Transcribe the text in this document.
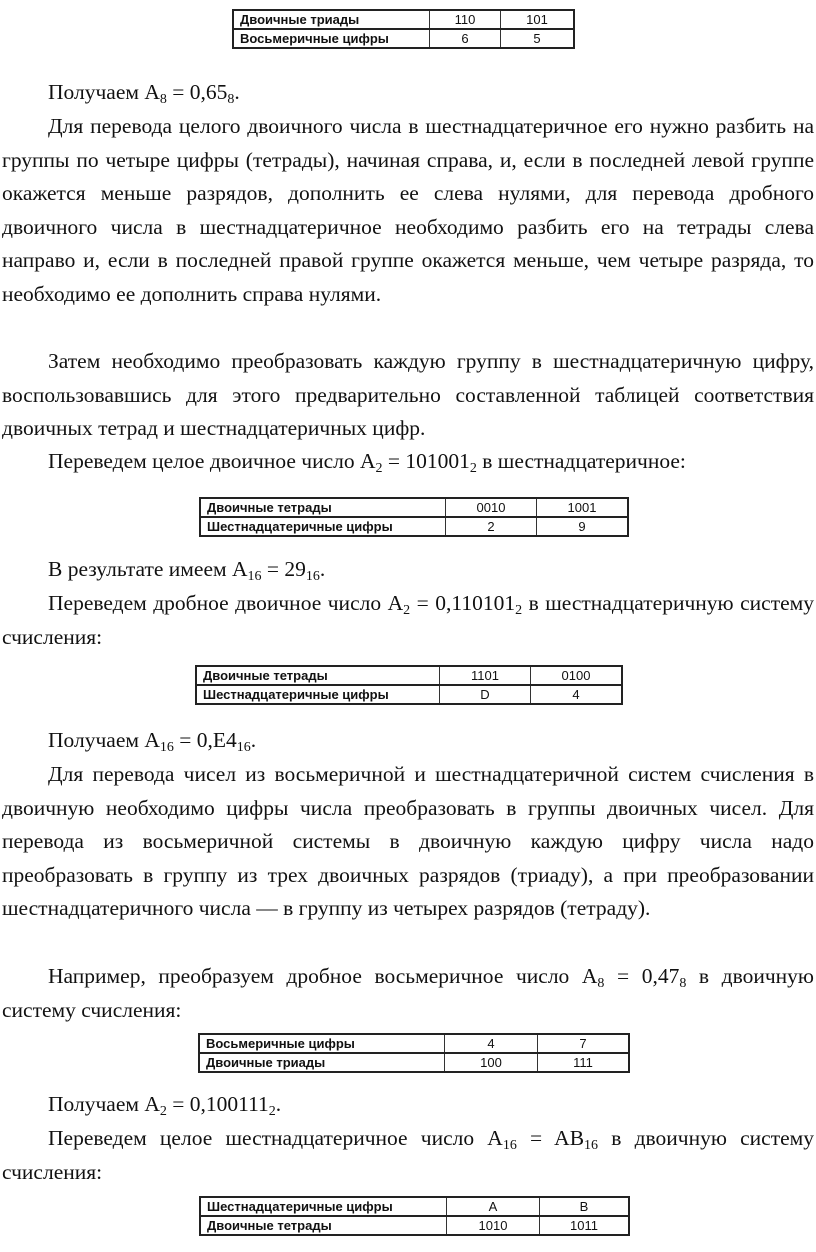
Двоичные триады	110	101
Восьмеричные цифры	6	5

Получаем $A_8 = 0,65_8$.

Для перевода целого двоичного числа в шестнадцатеричное его нужно разбить на группы по четыре цифры (тетрады), начиная справа, и, если в последней левой группе окажется меньше разрядов, дополнить ее слева нулями, для перевода дробного двоичного числа в шестнадцатеричное необходимо разбить его на тетрады слева направо и, если в последней правой группе окажется меньше, чем четыре разряда, то необходимо ее дополнить справа нулями.

Затем необходимо преобразовать каждую группу в шестнадцатеричную цифру, воспользовавшись для этого предварительно составленной таблицей соответствия двоичных тетрад и шестнадцатеричных цифр.

Переведем целое двоичное число $A_2 = 101001_2$ в шестнадцатеричное:

Двоичные тетрады	0010	1001
Шестнадцатеричные цифры	2	9

В результате имеем $A_{16} = 29_{16}$.

Переведем дробное двоичное число $A_2 = 0,110101_2$ в шестнадцатеричную систему счисления:

Двоичные тетрады	1101	0100
Шестнадцатеричные цифры	D	4

Получаем $A_{16} = 0,E4_{16}$.

Для перевода чисел из восьмеричной и шестнадцатеричной систем счисления в двоичную необходимо цифры числа преобразовать в группы двоичных чисел. Для перевода из восьмеричной системы в двоичную каждую цифру числа надо преобразовать в группу из трех двоичных разрядов (триаду), а при преобразовании шестнадцатеричного числа — в группу из четырех разрядов (тетраду).

Например, преобразуем дробное восьмеричное число $A_8 = 0,47_8$ в двоичную систему счисления:

Восьмеричные цифры	4	7
Двоичные триады	100	111

Получаем $A_2 = 0,100111_2$.

Переведем целое шестнадцатеричное число $A_{16} = AB_{16}$ в двоичную систему счисления:

Шестнадцатеричные цифры	A	B
Двоичные тетрады	1010	1011
